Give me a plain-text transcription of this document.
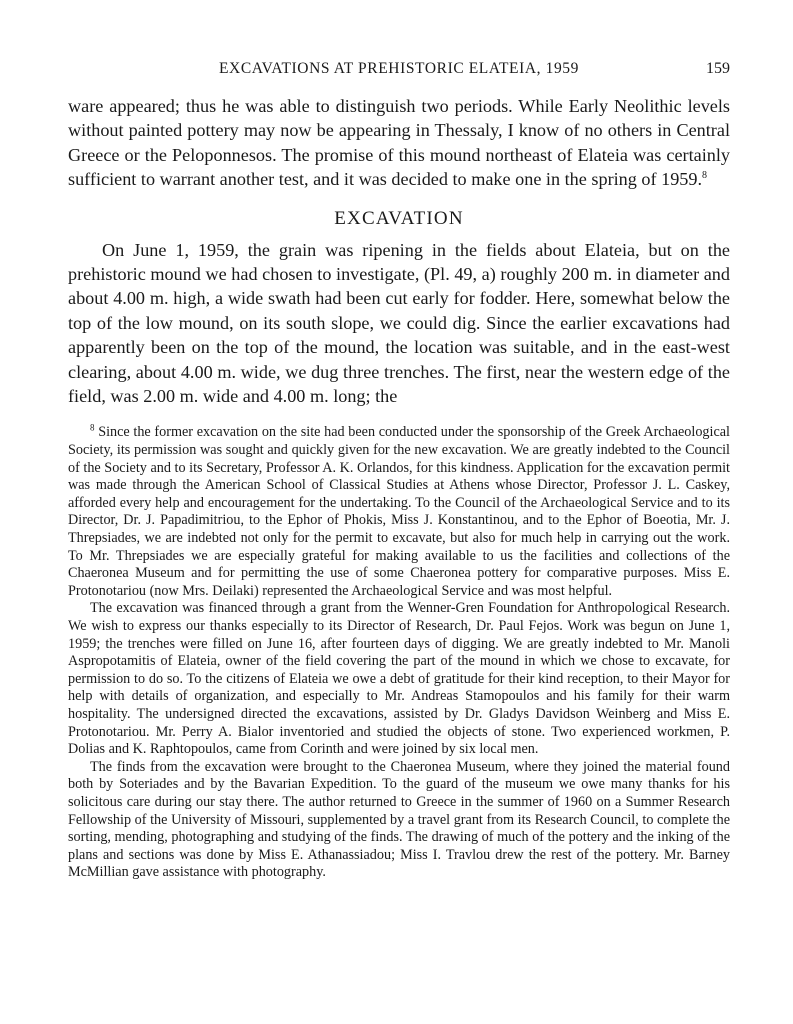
EXCAVATIONS AT PREHISTORIC ELATEIA, 1959	159

ware appeared; thus he was able to distinguish two periods. While Early Neolithic levels without painted pottery may now be appearing in Thessaly, I know of no others in Central Greece or the Peloponnesos. The promise of this mound northeast of Elateia was certainly sufficient to warrant another test, and it was decided to make one in the spring of 1959.$^8$

EXCAVATION

On June 1, 1959, the grain was ripening in the fields about Elateia, but on the prehistoric mound we had chosen to investigate, (Pl. 49, a) roughly 200 m. in diameter and about 4.00 m. high, a wide swath had been cut early for fodder. Here, somewhat below the top of the low mound, on its south slope, we could dig. Since the earlier excavations had apparently been on the top of the mound, the location was suitable, and in the east-west clearing, about 4.00 m. wide, we dug three trenches. The first, near the western edge of the field, was 2.00 m. wide and 4.00 m. long; the

$^8$ Since the former excavation on the site had been conducted under the sponsorship of the Greek Archaeological Society, its permission was sought and quickly given for the new excavation. We are greatly indebted to the Council of the Society and to its Secretary, Professor A. K. Orlandos, for this kindness. Application for the excavation permit was made through the American School of Classical Studies at Athens whose Director, Professor J. L. Caskey, afforded every help and encouragement for the undertaking. To the Council of the Archaeological Service and to its Director, Dr. J. Papadimitriou, to the Ephor of Phokis, Miss J. Konstantinou, and to the Ephor of Boeotia, Mr. J. Threpsiades, we are indebted not only for the permit to excavate, but also for much help in carrying out the work. To Mr. Threpsiades we are especially grateful for making available to us the facilities and collections of the Chaeronea Museum and for permitting the use of some Chaeronea pottery for comparative purposes. Miss E. Protonotariou (now Mrs. Deilaki) represented the Archaeological Service and was most helpful.

The excavation was financed through a grant from the Wenner-Gren Foundation for Anthropological Research. We wish to express our thanks especially to its Director of Research, Dr. Paul Fejos. Work was begun on June 1, 1959; the trenches were filled on June 16, after fourteen days of digging. We are greatly indebted to Mr. Manoli Aspropotamitis of Elateia, owner of the field covering the part of the mound in which we chose to excavate, for permission to do so. To the citizens of Elateia we owe a debt of gratitude for their kind reception, to their Mayor for help with details of organization, and especially to Mr. Andreas Stamopoulos and his family for their warm hospitality. The undersigned directed the excavations, assisted by Dr. Gladys Davidson Weinberg and Miss E. Protonotariou. Mr. Perry A. Bialor inventoried and studied the objects of stone. Two experienced workmen, P. Dolias and K. Raphtopoulos, came from Corinth and were joined by six local men.

The finds from the excavation were brought to the Chaeronea Museum, where they joined the material found both by Soteriades and by the Bavarian Expedition. To the guard of the museum we owe many thanks for his solicitous care during our stay there. The author returned to Greece in the summer of 1960 on a Summer Research Fellowship of the University of Missouri, supplemented by a travel grant from its Research Council, to complete the sorting, mending, photographing and studying of the finds. The drawing of much of the pottery and the inking of the plans and sections was done by Miss E. Athanassiadou; Miss I. Travlou drew the rest of the pottery. Mr. Barney McMillian gave assistance with photography.
